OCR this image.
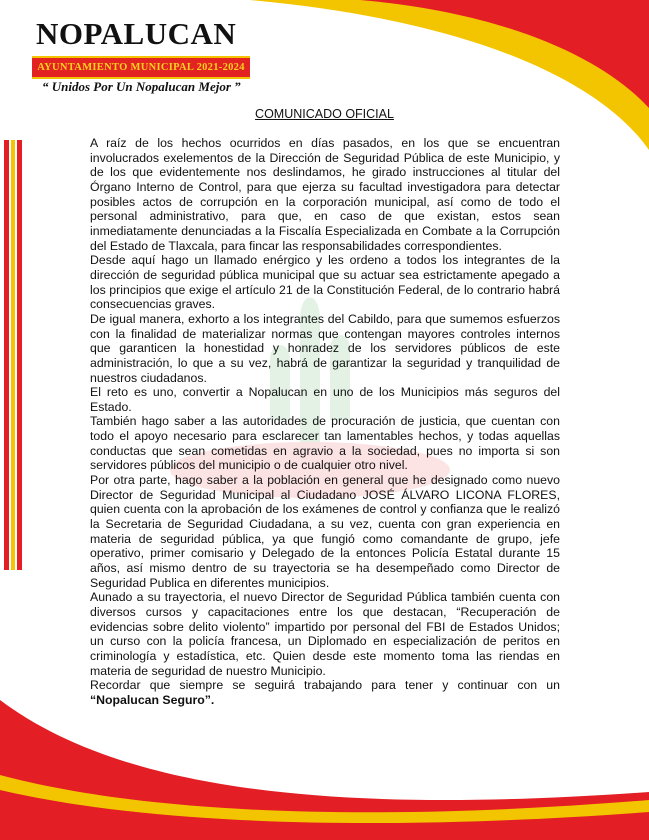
NOPALUCAN
AYUNTAMIENTO MUNICIPAL 2021-2024
“ Unidos Por Un Nopalucan Mejor ”
COMUNICADO OFICIAL

A raíz de los hechos ocurridos en días pasados, en los que se encuentran involucrados exelementos de la Dirección de Seguridad Pública de este Municipio, y de los que evidentemente nos deslindamos, he girado instrucciones al titular del Órgano Interno de Control, para que ejerza su facultad investigadora para detectar posibles actos de corrupción en la corporación municipal, así como de todo el personal administrativo, para que, en caso de que existan, estos sean inmediatamente denunciadas a la Fiscalía Especializada en Combate a la Corrupción del Estado de Tlaxcala, para fincar las responsabilidades correspondientes.

Desde aquí hago un llamado enérgico y les ordeno a todos los integrantes de la dirección de seguridad pública municipal que su actuar sea estrictamente apegado a los principios que exige el artículo 21 de la Constitución Federal, de lo contrario habrá consecuencias graves.

De igual manera, exhorto a los integrantes del Cabildo, para que sumemos esfuerzos con la finalidad de materializar normas que contengan mayores controles internos que garanticen la honestidad y honradez de los servidores públicos de este administración, lo que a su vez, habrá de garantizar la seguridad y tranquilidad de nuestros ciudadanos.

El reto es uno, convertir a Nopalucan en uno de los Municipios más seguros del Estado.

También hago saber a las autoridades de procuración de justicia, que cuentan con todo el apoyo necesario para esclarecer tan lamentables hechos, y todas aquellas conductas que sean cometidas en agravio a la sociedad, pues no importa si son servidores públicos del municipio o de cualquier otro nivel.

Por otra parte, hago saber a la población en general que he designado como nuevo Director de Seguridad Municipal al Ciudadano JOSÉ ÁLVARO LICONA FLORES, quien cuenta con la aprobación de los exámenes de control y confianza que le realizó la Secretaria de Seguridad Ciudadana, a su vez, cuenta con gran experiencia en materia de seguridad pública, ya que fungió como comandante de grupo, jefe operativo, primer comisario y Delegado de la entonces Policía Estatal durante 15 años, así mismo dentro de su trayectoria se ha desempeñado como Director de Seguridad Publica en diferentes municipios.

Aunado a su trayectoria, el nuevo Director de Seguridad Pública también cuenta con diversos cursos y capacitaciones entre los que destacan, “Recuperación de evidencias sobre delito violento” impartido por personal del FBI de Estados Unidos; un curso con la policía francesa, un Diplomado en especialización de peritos en criminología y estadística, etc. Quien desde este momento toma las riendas en materia de seguridad de nuestro Municipio.

Recordar que siempre se seguirá trabajando para tener y continuar con un “Nopalucan Seguro”.
